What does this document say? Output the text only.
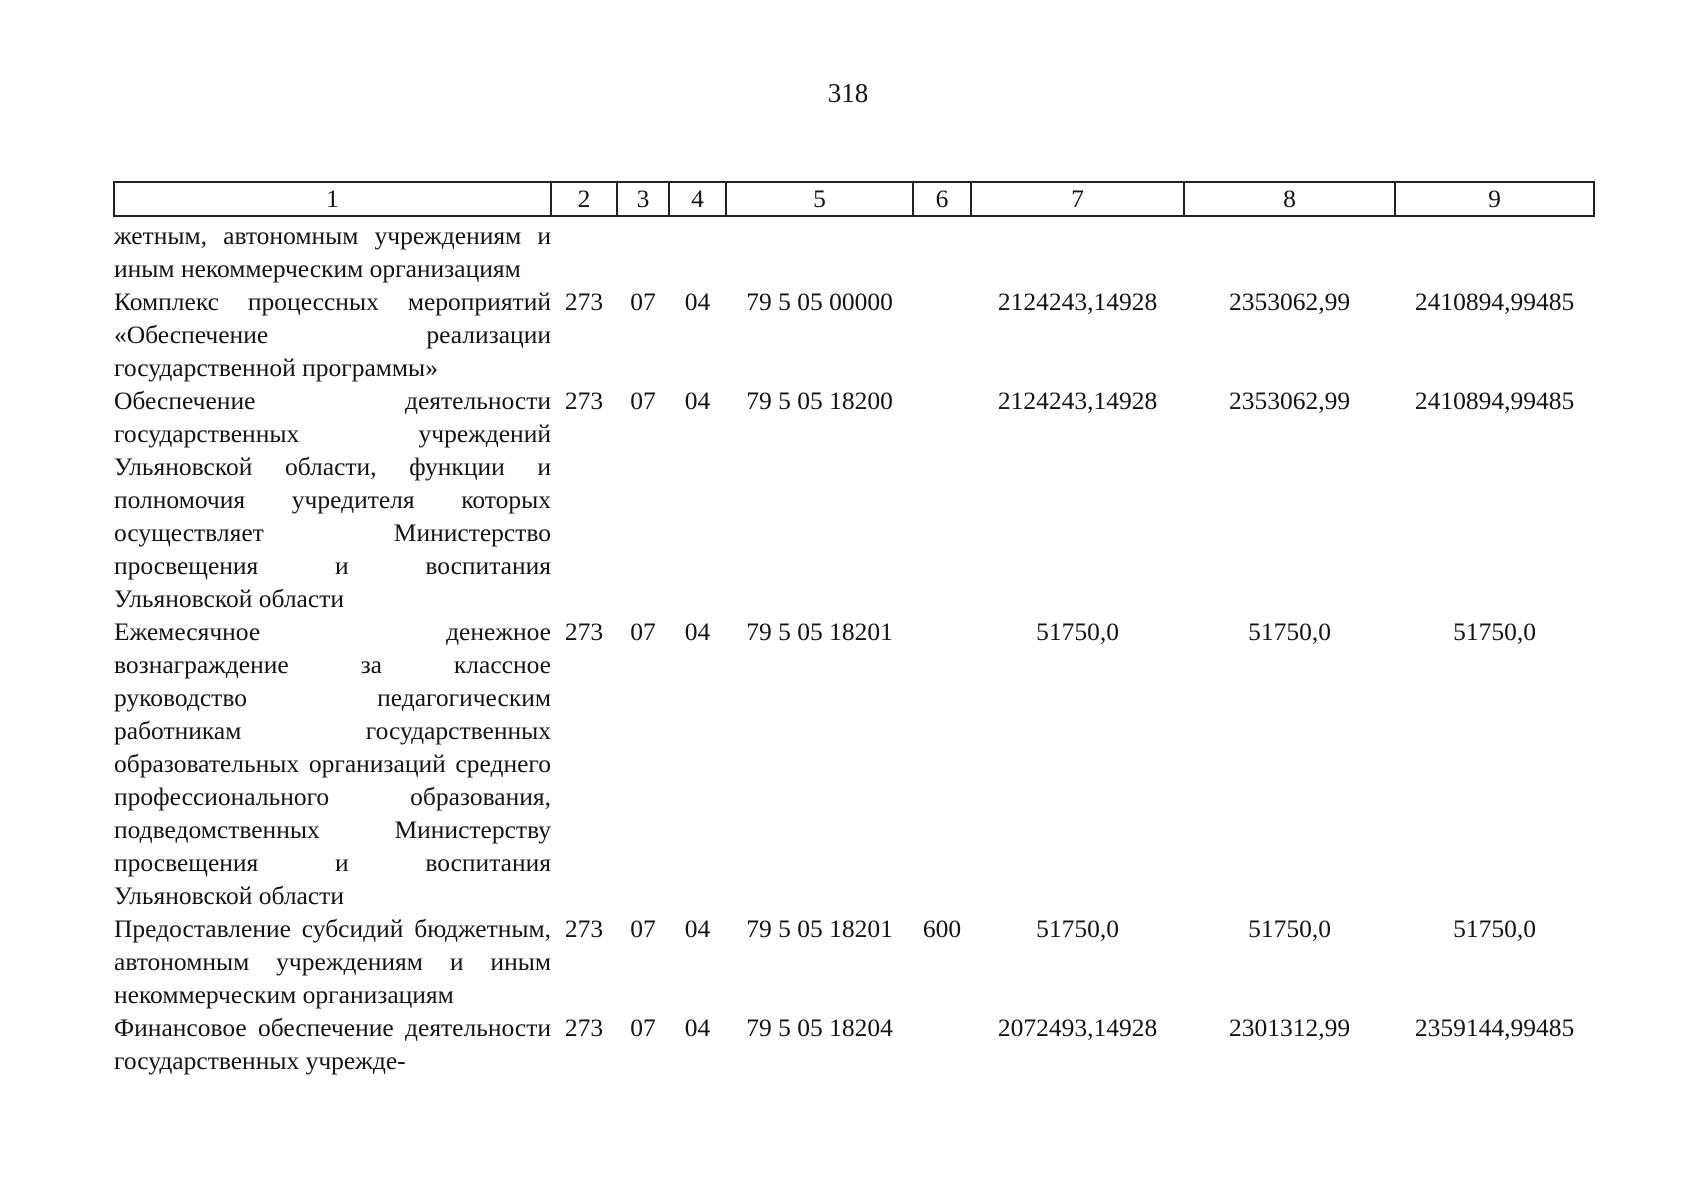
318
1	2	3	4	5	6	7	8	9
жетным, автономным учреждениям и иным некоммерческим организациям								
Комплекс процессных мероприятий «Обеспечение реализации государственной программы»	273	07	04	79 5 05 00000		2124243,14928	2353062,99	2410894,99485
Обеспечение деятельности государственных учреждений Ульяновской области, функции и полномочия учредителя которых осуществляет Министерство просвещения и воспитания Ульяновской области	273	07	04	79 5 05 18200		2124243,14928	2353062,99	2410894,99485
Ежемесячное денежное вознаграждение за классное руководство педагогическим работникам государственных образовательных организаций среднего профессионального образования, подведомственных Министерству просвещения и воспитания Ульяновской области	273	07	04	79 5 05 18201		51750,0	51750,0	51750,0
Предоставление субсидий бюджетным, автономным учреждениям и иным некоммерческим организациям	273	07	04	79 5 05 18201	600	51750,0	51750,0	51750,0
Финансовое обеспечение деятельности государственных учрежде-	273	07	04	79 5 05 18204		2072493,14928	2301312,99	2359144,99485
